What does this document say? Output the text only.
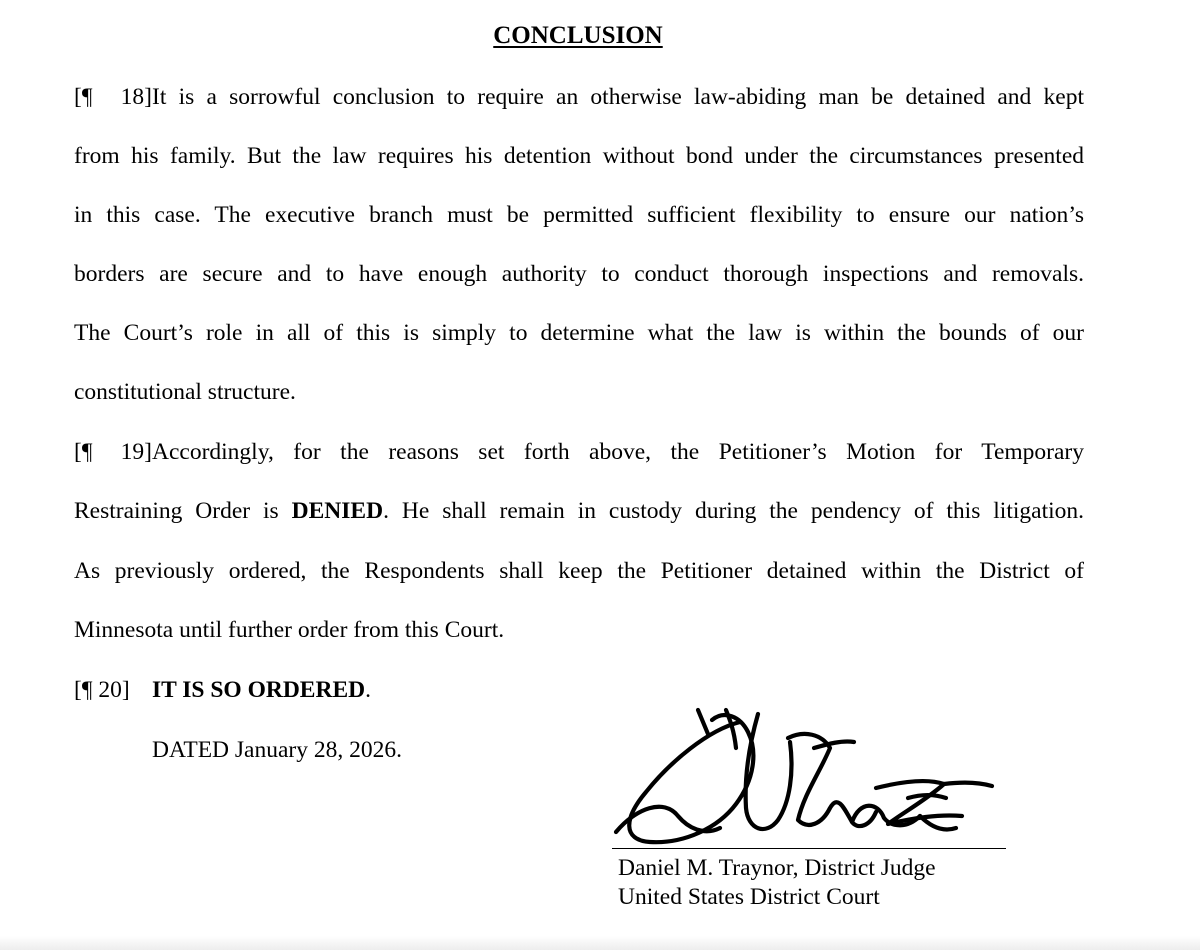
CONCLUSION
[¶ 18]It is a sorrowful conclusion to require an otherwise law-abiding man be detained and kept
from his family. But the law requires his detention without bond under the circumstances presented
in this case. The executive branch must be permitted sufficient flexibility to ensure our nation’s
borders are secure and to have enough authority to conduct thorough inspections and removals.
The Court’s role in all of this is simply to determine what the law is within the bounds of our
constitutional structure.
[¶ 19]Accordingly, for the reasons set forth above, the Petitioner’s Motion for Temporary
Restraining Order is DENIED. He shall remain in custody during the pendency of this litigation.
As previously ordered, the Respondents shall keep the Petitioner detained within the District of
Minnesota until further order from this Court.
[¶ 20] IT IS SO ORDERED.
DATED January 28, 2026.
Daniel M. Traynor, District Judge
United States District Court
